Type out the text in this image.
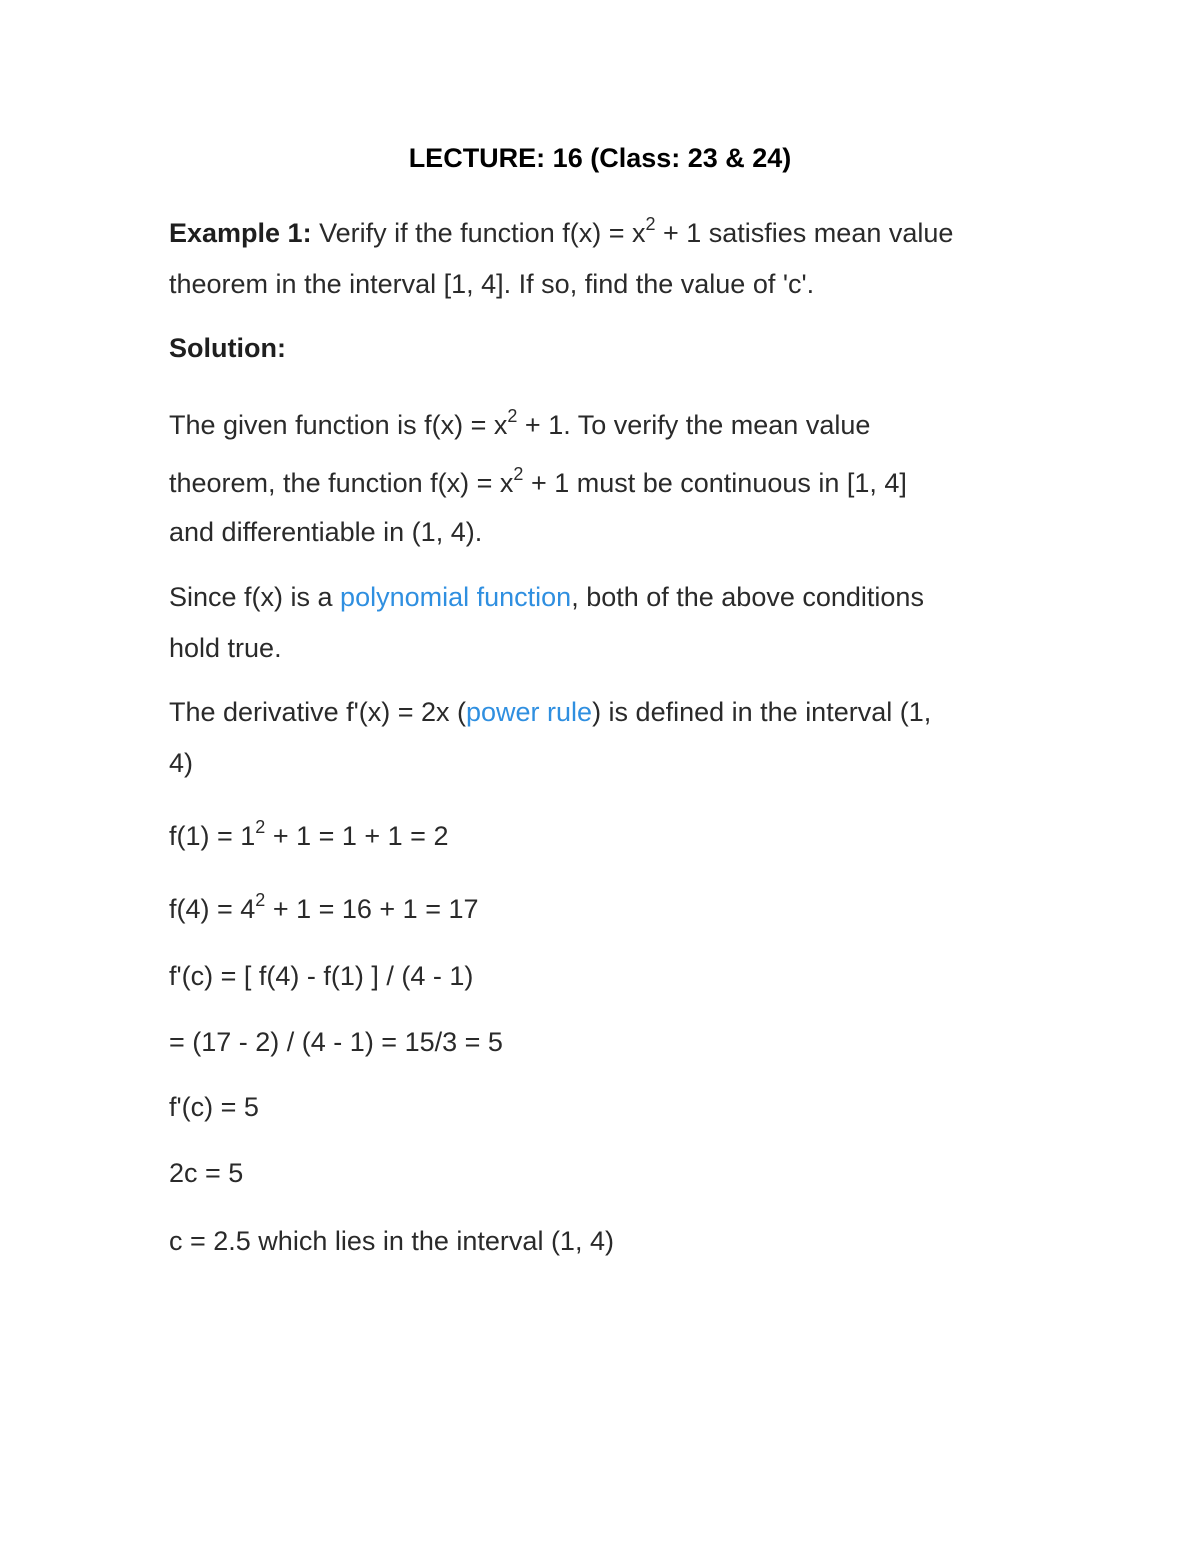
LECTURE: 16 (Class: 23 & 24)
Example 1: Verify if the function $f(x) = x^2 + 1$ satisfies mean value
theorem in the interval [1, 4]. If so, find the value of 'c'.
Solution:
The given function is $f(x) = x^2 + 1$. To verify the mean value
theorem, the function $f(x) = x^2 + 1$ must be continuous in [1, 4]
and differentiable in (1, 4).
Since f(x) is a polynomial function, both of the above conditions
hold true.
The derivative f'(x) = 2x (power rule) is defined in the interval (1,
4)
$f(1) = 1^2 + 1 = 1 + 1 = 2$
$f(4) = 4^2 + 1 = 16 + 1 = 17$
f'(c) = [ f(4) - f(1) ] / (4 - 1)
= (17 - 2) / (4 - 1) = 15/3 = 5
f'(c) = 5
2c = 5
c = 2.5 which lies in the interval (1, 4)
